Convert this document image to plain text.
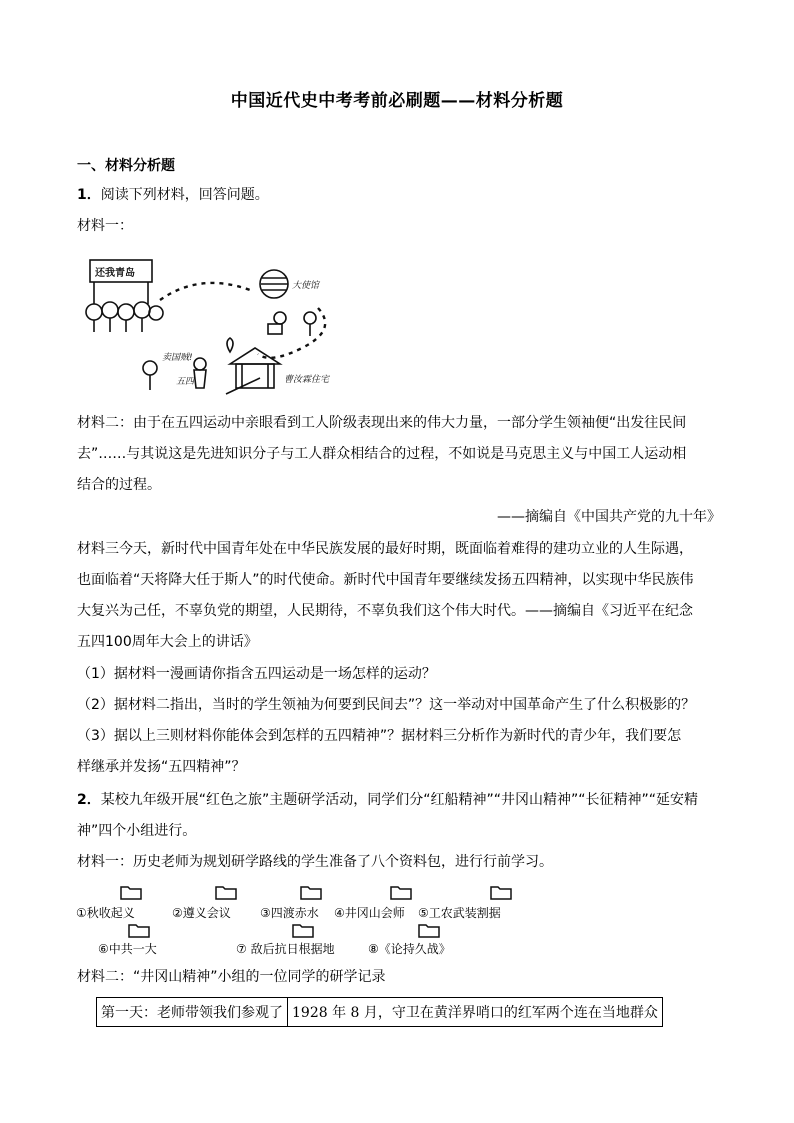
中国近代史中考考前必刷题——材料分析题
一、材料分析题
1．阅读下列材料，回答问题。
材料一：
还我青岛
大使馆
曹汝霖住宅
卖国贼!
五四
材料二：由于在五四运动中亲眼看到工人阶级表现出来的伟大力量，一部分学生领袖便“出发往民间
去”……与其说这是先进知识分子与工人群众相结合的过程，不如说是马克思主义与中国工人运动相
结合的过程。
——摘编自《中国共产党的九十年》
材料三今天，新时代中国青年处在中华民族发展的最好时期，既面临着难得的建功立业的人生际遇，
也面临着“天将降大任于斯人”的时代使命。新时代中国青年要继续发扬五四精神，以实现中华民族伟
大复兴为己任，不辜负党的期望，人民期待，不辜负我们这个伟大时代。——摘编自《习近平在纪念
五四100周年大会上的讲话》
（1）据材料一漫画请你指含五四运动是一场怎样的运动？
（2）据材料二指出，当时的学生领袖为何要到民间去”？这一举动对中国革命产生了什么积极影的？
（3）据以上三则材料你能体会到怎样的五四精神”？据材料三分析作为新时代的青少年，我们要怎
样继承并发扬“五四精神”？
2．某校九年级开展“红色之旅”主题研学活动，同学们分“红船精神”“井冈山精神”“长征精神”“延安精
神”四个小组进行。
材料一：历史老师为规划研学路线的学生准备了八个资料包，进行行前学习。
①秋收起义	②遵义会议 ③四渡赤水 ④井冈山会师 ⑤工农武装割据
⑥中共一大	⑦ 敌后抗日根据地	⑧《论持久战》
材料二：“井冈山精神”小组的一位同学的研学记录
第一天：老师带领我们参观了	1928 年 8 月，守卫在黄洋界哨口的红军两个连在当地群众
